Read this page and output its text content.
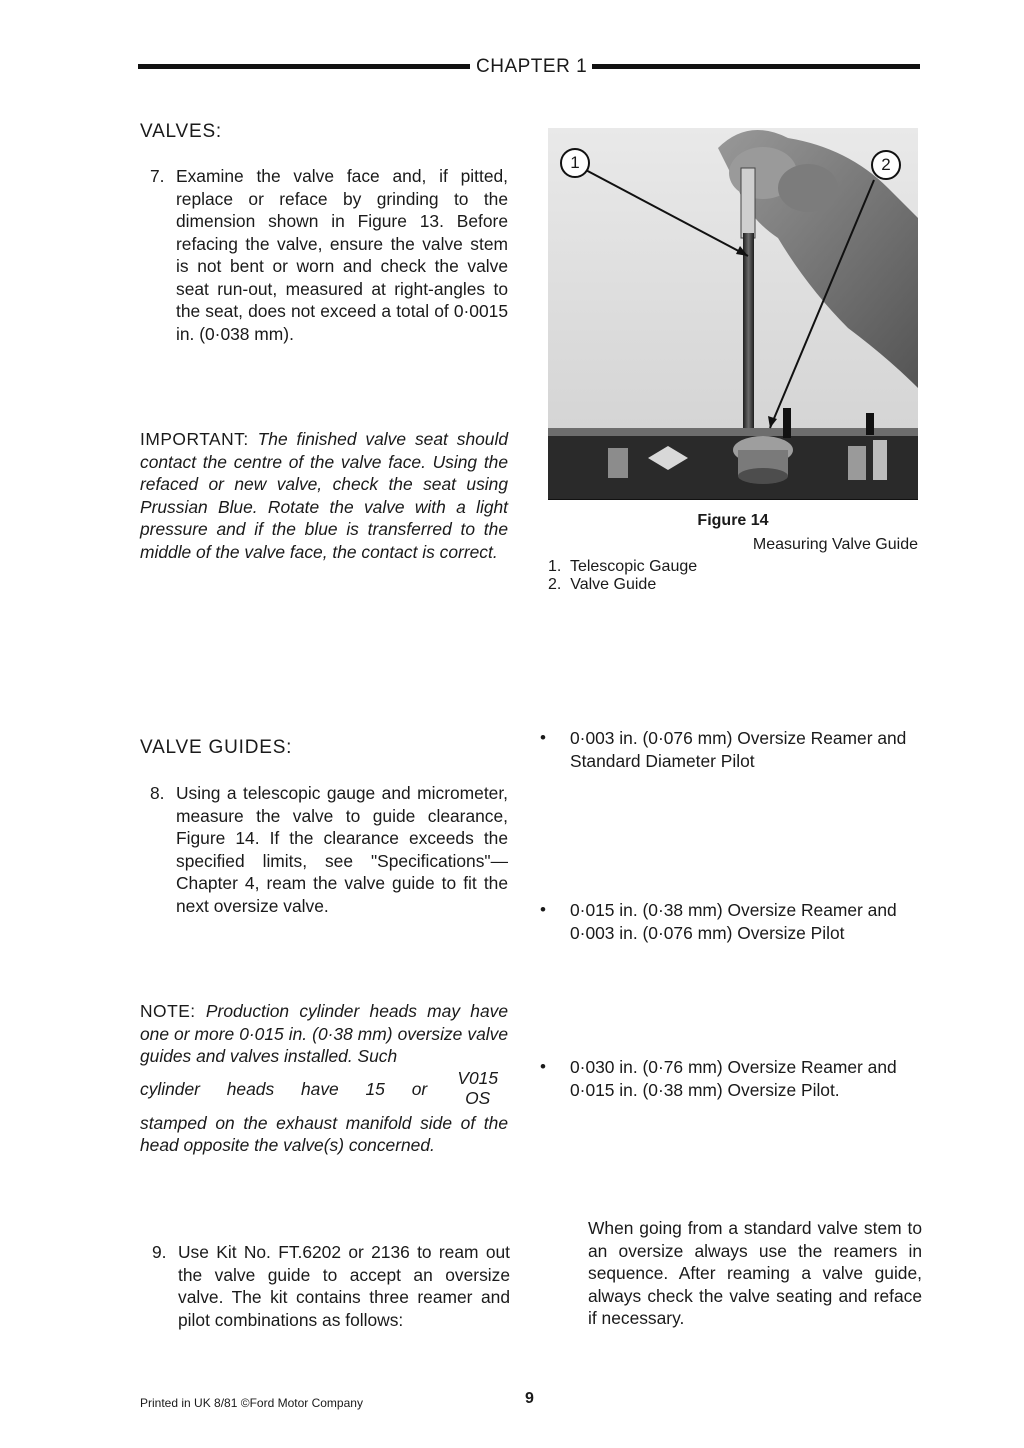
CHAPTER 1
VALVES:
7. Examine the valve face and, if pitted, replace or reface by grinding to the dimension shown in Figure 13. Before refacing the valve, ensure the valve stem is not bent or worn and check the valve seat run-out, measured at right-angles to the seat, does not exceed a total of 0·0015 in. (0·038 mm).
IMPORTANT: The finished valve seat should contact the centre of the valve face. Using the refaced or new valve, check the seat using Prussian Blue. Rotate the valve with a light pressure and if the blue is transferred to the middle of the valve face, the contact is correct.
1	2
Figure 14
Measuring Valve Guide
1.  Telescopic Gauge
2.  Valve Guide
VALVE GUIDES:
8. Using a telescopic gauge and micrometer, measure the valve to guide clearance, Figure 14. If the clearance exceeds the specified limits, see "Specifications"—Chapter 4, ream the valve guide to fit the next oversize valve.
NOTE: Production cylinder heads may have one or more 0·015 in. (0·38 mm) oversize valve guides and valves installed. Such
cylinder heads have 15 or
V015
OS
stamped on the exhaust manifold side of the head opposite the valve(s) concerned.
9. Use Kit No. FT.6202 or 2136 to ream out the valve guide to accept an oversize valve. The kit contains three reamer and pilot combinations as follows:
• 0·003 in. (0·076 mm) Oversize Reamer and Standard Diameter Pilot
• 0·015 in. (0·38 mm) Oversize Reamer and 0·003 in. (0·076 mm) Oversize Pilot
• 0·030 in. (0·76 mm) Oversize Reamer and 0·015 in. (0·38 mm) Oversize Pilot.
When going from a standard valve stem to an oversize always use the reamers in sequence. After reaming a valve guide, always check the valve seating and reface if necessary.
Printed in UK 8/81 ©Ford Motor Company	9
